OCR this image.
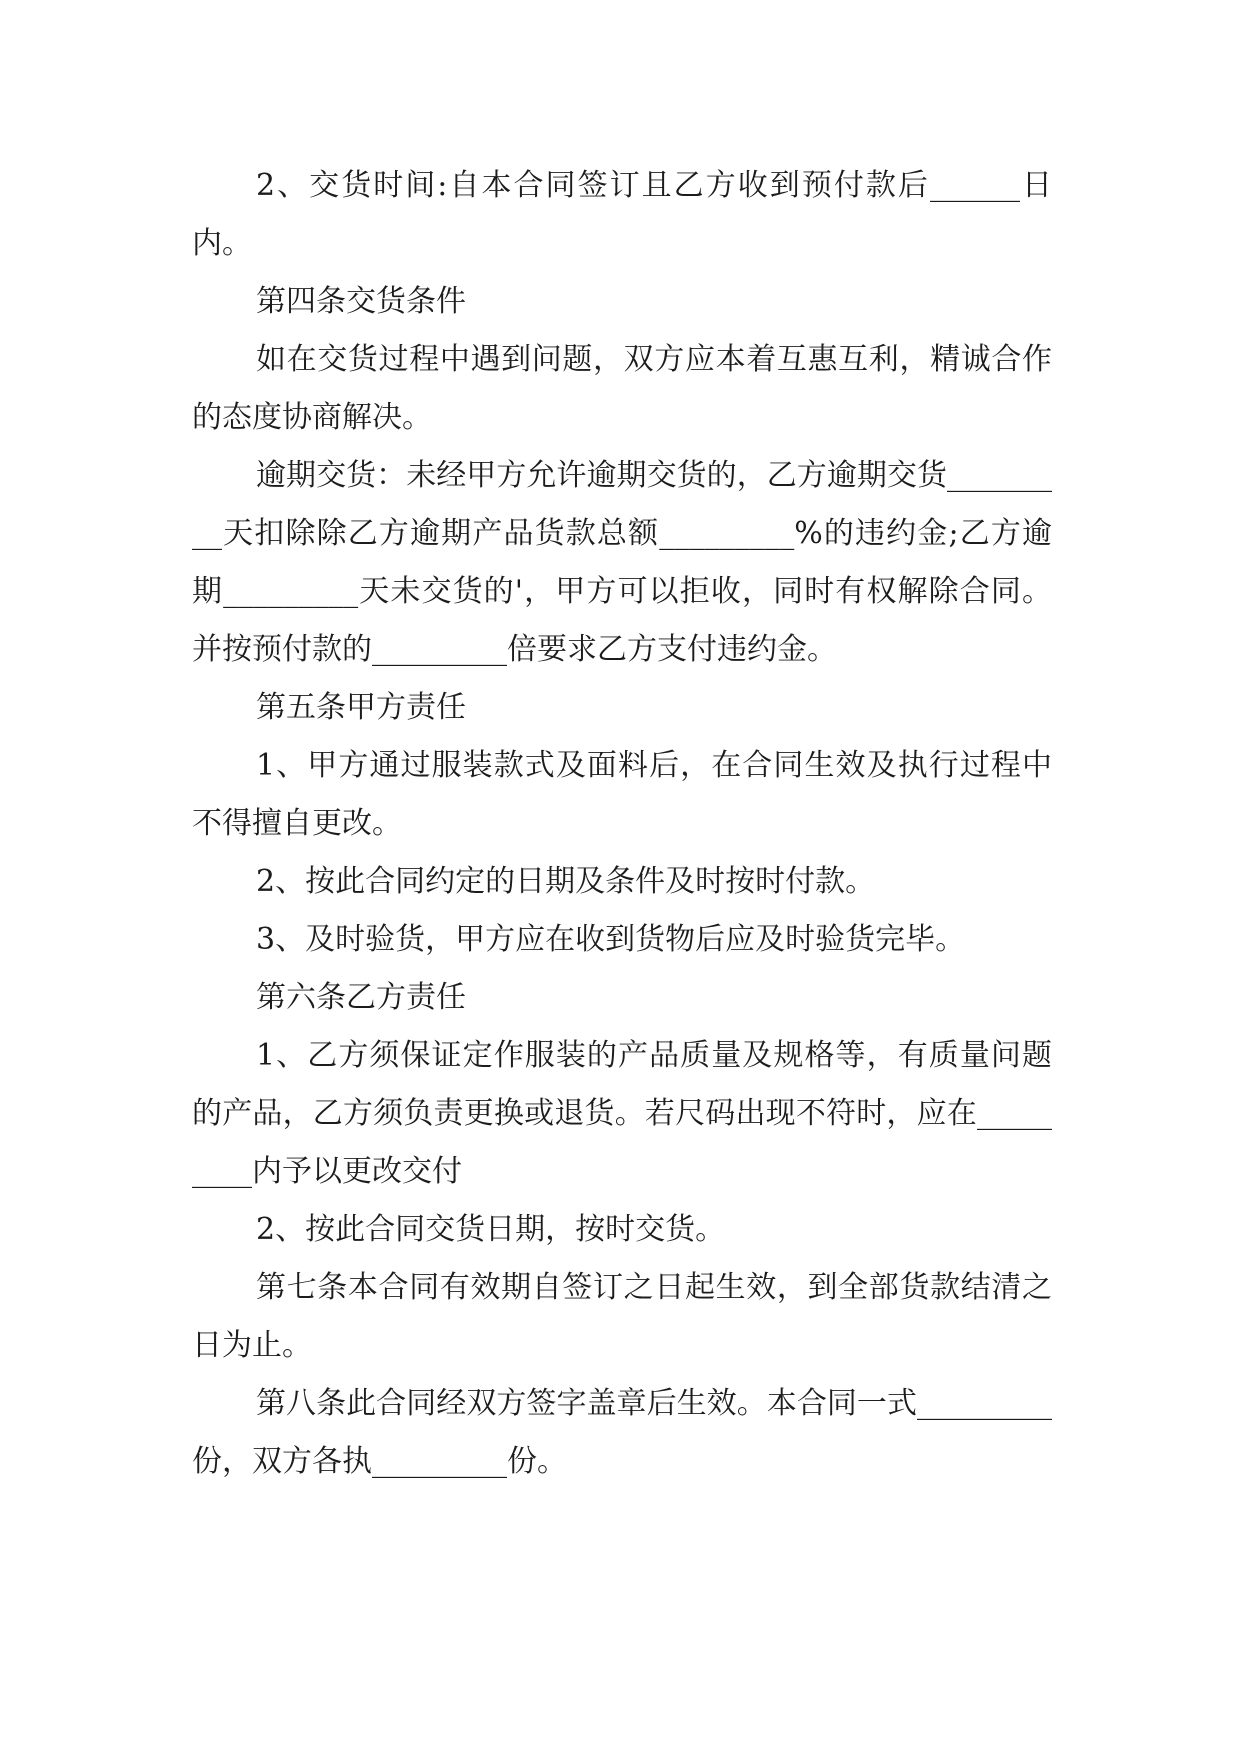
2、交货时间:自本合同签订且乙方收到预付款后______日内。

第四条交货条件

如在交货过程中遇到问题，双方应本着互惠互利，精诚合作的态度协商解决。

逾期交货：未经甲方允许逾期交货的，乙方逾期交货_________天扣除除乙方逾期产品货款总额_________%的违约金;乙方逾期_________天未交货的'，甲方可以拒收，同时有权解除合同。并按预付款的_________倍要求乙方支付违约金。

第五条甲方责任

1、甲方通过服装款式及面料后，在合同生效及执行过程中不得擅自更改。

2、按此合同约定的日期及条件及时按时付款。

3、及时验货，甲方应在收到货物后应及时验货完毕。

第六条乙方责任

1、乙方须保证定作服装的产品质量及规格等，有质量问题的产品，乙方须负责更换或退货。若尺码出现不符时，应在_________内予以更改交付

2、按此合同交货日期，按时交货。

第七条本合同有效期自签订之日起生效，到全部货款结清之日为止。

第八条此合同经双方签字盖章后生效。本合同一式_________份，双方各执_________份。
